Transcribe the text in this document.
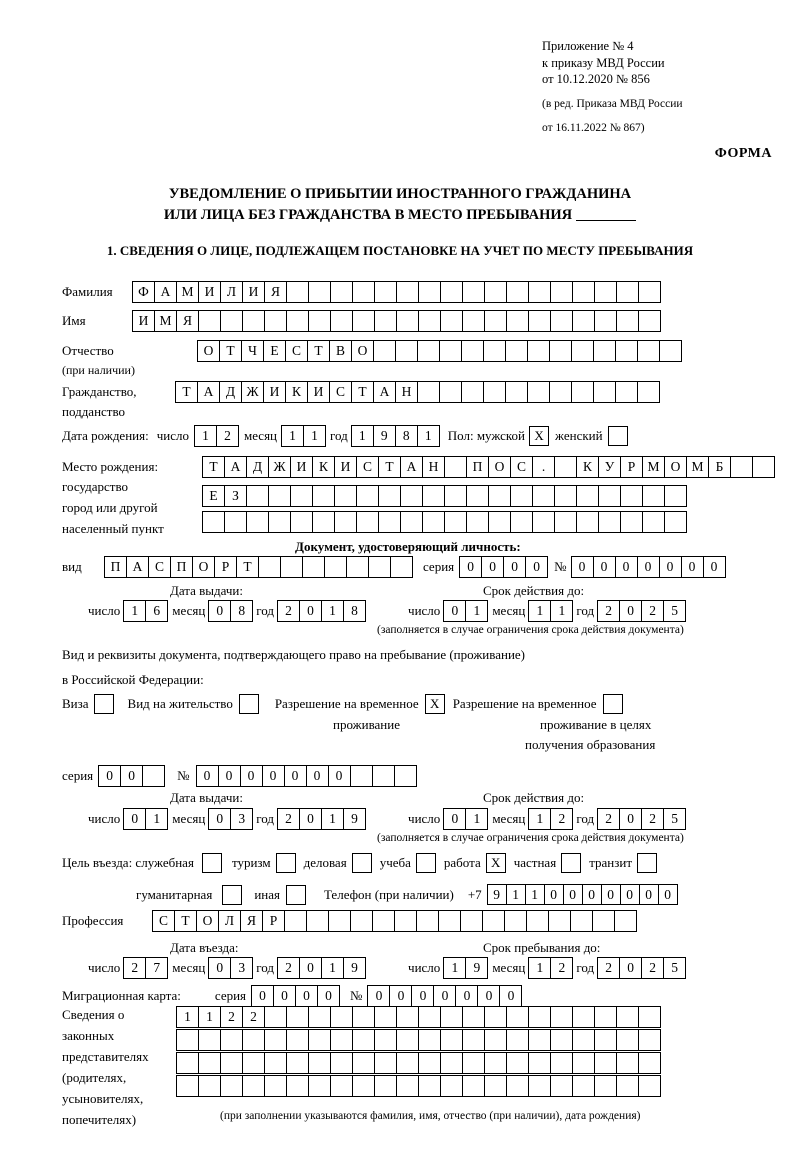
Приложение № 4
к приказу МВД России
от 10.12.2020 № 856
(в ред. Приказа МВД России
от 16.11.2022 № 867)
ФОРМА
УВЕДОМЛЕНИЕ О ПРИБЫТИИ ИНОСТРАННОГО ГРАЖДАНИНА
ИЛИ ЛИЦА БЕЗ ГРАЖДАНСТВА В МЕСТО ПРЕБЫВАНИЯ
1. СВЕДЕНИЯ О ЛИЦЕ, ПОДЛЕЖАЩЕМ ПОСТАНОВКЕ НА УЧЕТ ПО МЕСТУ ПРЕБЫВАНИЯ
Фамилия	Ф А М И Л И Я
Имя	И М Я
Отчество	О Т Ч Е С Т В О
(при наличии)
Гражданство,	Т А Д Ж И К И С Т А Н
подданство
Дата рождения: число 1	2	месяц 1	1 год 1	9	8	1	Пол: мужской X женский
Место рождения:	Т А Д Ж И К И С Т А Н	П О С	.	К У Р М О М Б
государство
Е	З
город или другой
населенный пункт
Документ, удостоверяющий личность:
вид	П А С П О Р	Т	серия 0	0	0	0	№ 0	0	0	0	0	0	0
Дата выдачи:	Срок действия до:
число 1	6 месяц 0	8 год 2	0	1	8	число 0	1 месяц 1	1 год 2	0	2	5
(заполняется в случае ограничения срока действия документа)
Вид и реквизиты документа, подтверждающего право на пребывание (проживание)
в Российской Федерации:
Виза	Вид на жительство	Разрешение на временное X	Разрешение на временное
проживание	проживание в целях
получения образования
серия 0	0	№	0	0	0	0	0	0	0
Дата выдачи:	Срок действия до:
число 0	1 месяц 0	3 год 2	0	1	9	число 0	1 месяц 1	2 год 2	0	2	5
(заполняется в случае ограничения срока действия документа)
Цель въезда: служебная	туризм	деловая	учеба	работа X	частная	транзит
гуманитарная	иная	Телефон (при наличии) +7 9 1 1 0 0 0 0 0 0 0
Профессия	С Т О Л Я	Р
Дата въезда:	Срок пребывания до:
число 2	7 месяц 0	3 год 2	0	1	9	число 1	9 месяц 1	2 год 2	0	2	5
Миграционная карта:	серия 0	0	0	0	№ 0	0	0	0	0	0	0
Сведения о
законных
представителях
(родителях,
усыновителях,
попечителях)
1	1	2	2
(при заполнении указываются фамилия, имя, отчество (при наличии), дата рождения)
